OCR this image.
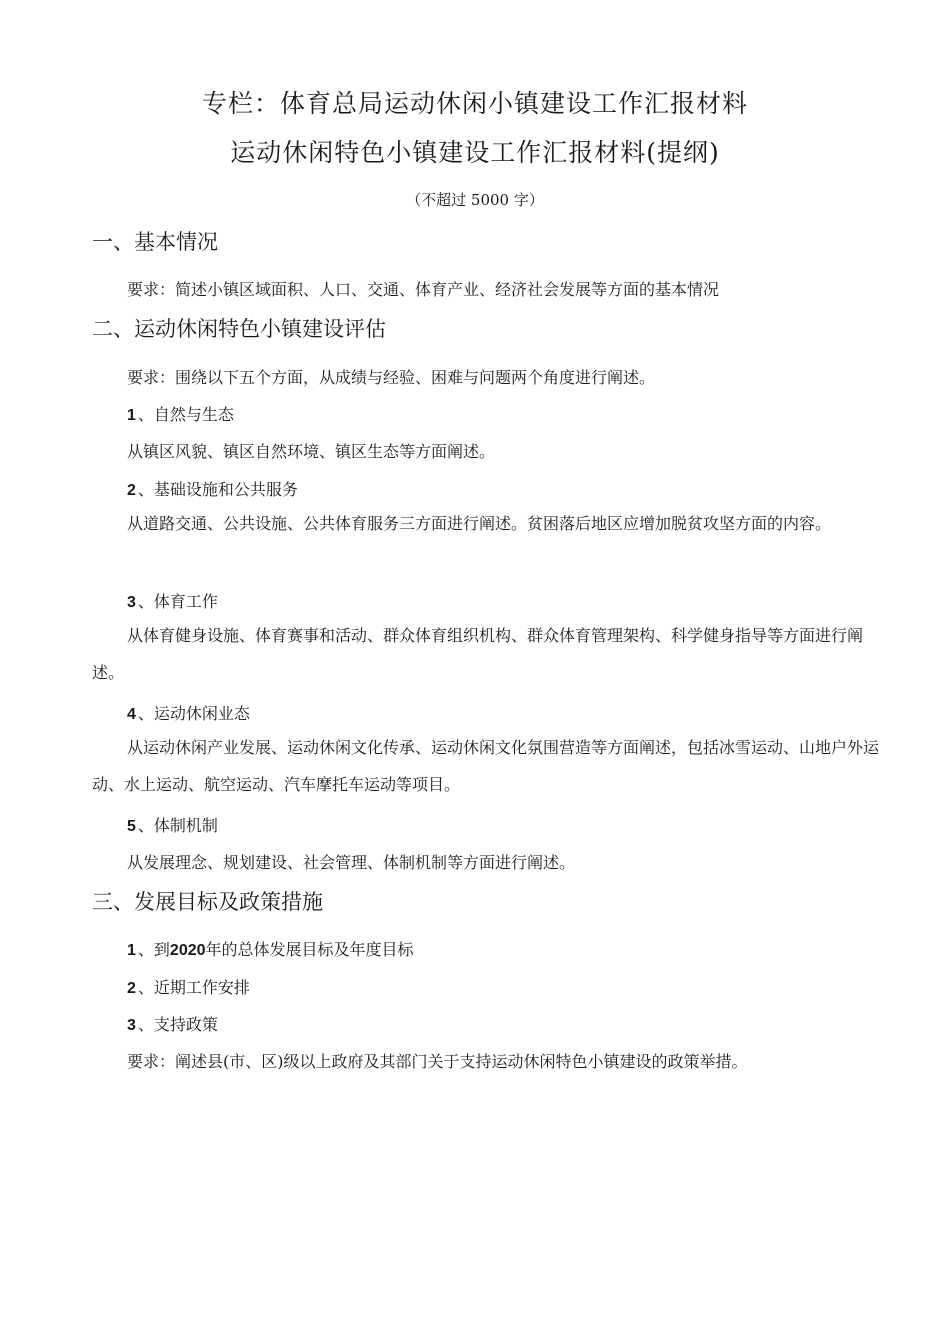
专栏：体育总局运动休闲小镇建设工作汇报材料
运动休闲特色小镇建设工作汇报材料(提纲)
（不超过 5000 字）
一、基本情况
要求：简述小镇区域面积、人口、交通、体育产业、经济社会发展等方面的基本情况
二、运动休闲特色小镇建设评估
要求：围绕以下五个方面，从成绩与经验、困难与问题两个角度进行阐述。
1 、自然与生态
从镇区风貌、镇区自然环境、镇区生态等方面阐述。
2 、基础设施和公共服务
从道路交通、公共设施、公共体育服务三方面进行阐述。贫困落后地区应增加脱贫攻坚方面的内容。
3 、体育工作
从体育健身设施、体育赛事和活动、群众体育组织机构、群众体育管理架构、科学健身指导等方面进行阐述。
4 、运动休闲业态
从运动休闲产业发展、运动休闲文化传承、运动休闲文化氛围营造等方面阐述，包括冰雪运动、山地户外运动、水上运动、航空运动、汽车摩托车运动等项目。
5 、体制机制
从发展理念、规划建设、社会管理、体制机制等方面进行阐述。
三、发展目标及政策措施
1 、到2020年的总体发展目标及年度目标
2 、近期工作安排
3 、支持政策
要求：阐述县(市、区)级以上政府及其部门关于支持运动休闲特色小镇建设的政策举措。
